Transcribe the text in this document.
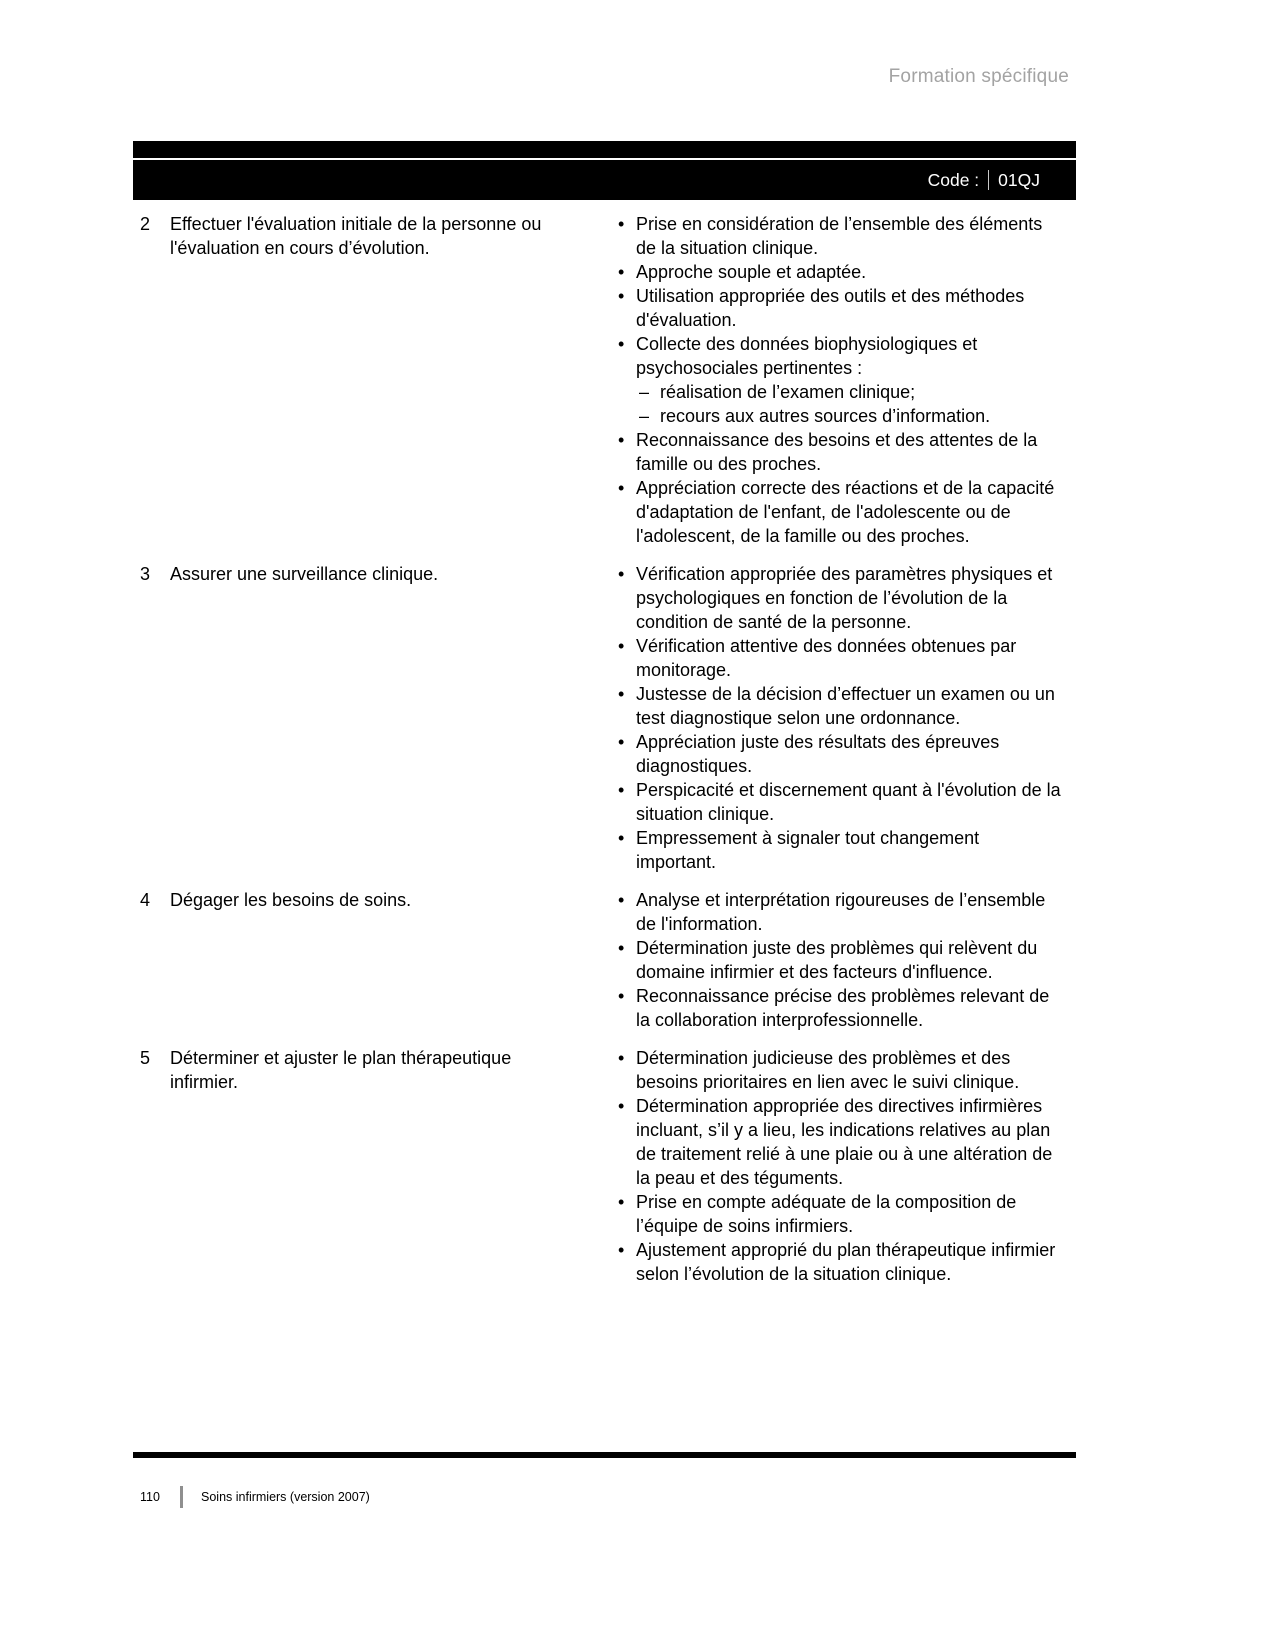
Formation spécifique
Code : 01QJ
2	Effectuer l'évaluation initiale de la personne ou l'évaluation en cours d’évolution.
• Prise en considération de l’ensemble des éléments de la situation clinique.
• Approche souple et adaptée.
• Utilisation appropriée des outils et des méthodes d'évaluation.
• Collecte des données biophysiologiques et psychosociales pertinentes :
– réalisation de l’examen clinique;
– recours aux autres sources d’information.
• Reconnaissance des besoins et des attentes de la famille ou des proches.
• Appréciation correcte des réactions et de la capacité d'adaptation de l'enfant, de l'adolescente ou de l'adolescent, de la famille ou des proches.
3	Assurer une surveillance clinique.	• Vérification appropriée des paramètres physiques et psychologiques en fonction de l’évolution de la condition de santé de la personne.
• Vérification attentive des données obtenues par monitorage.
• Justesse de la décision d’effectuer un examen ou un test diagnostique selon une ordonnance.
• Appréciation juste des résultats des épreuves diagnostiques.
• Perspicacité et discernement quant à l'évolution de la situation clinique.
• Empressement à signaler tout changement important.
4	Dégager les besoins de soins.	• Analyse et interprétation rigoureuses de l’ensemble de l'information.
• Détermination juste des problèmes qui relèvent du domaine infirmier et des facteurs d'influence.
• Reconnaissance précise des problèmes relevant de la collaboration interprofessionnelle.
5	Déterminer et ajuster le plan thérapeutique infirmier.
• Détermination judicieuse des problèmes et des besoins prioritaires en lien avec le suivi clinique.
• Détermination appropriée des directives infirmières incluant, s’il y a lieu, les indications relatives au plan de traitement relié à une plaie ou à une altération de la peau et des téguments.
• Prise en compte adéquate de la composition de l’équipe de soins infirmiers.
• Ajustement approprié du plan thérapeutique infirmier selon l’évolution de la situation clinique.
110	Soins infirmiers (version 2007)
